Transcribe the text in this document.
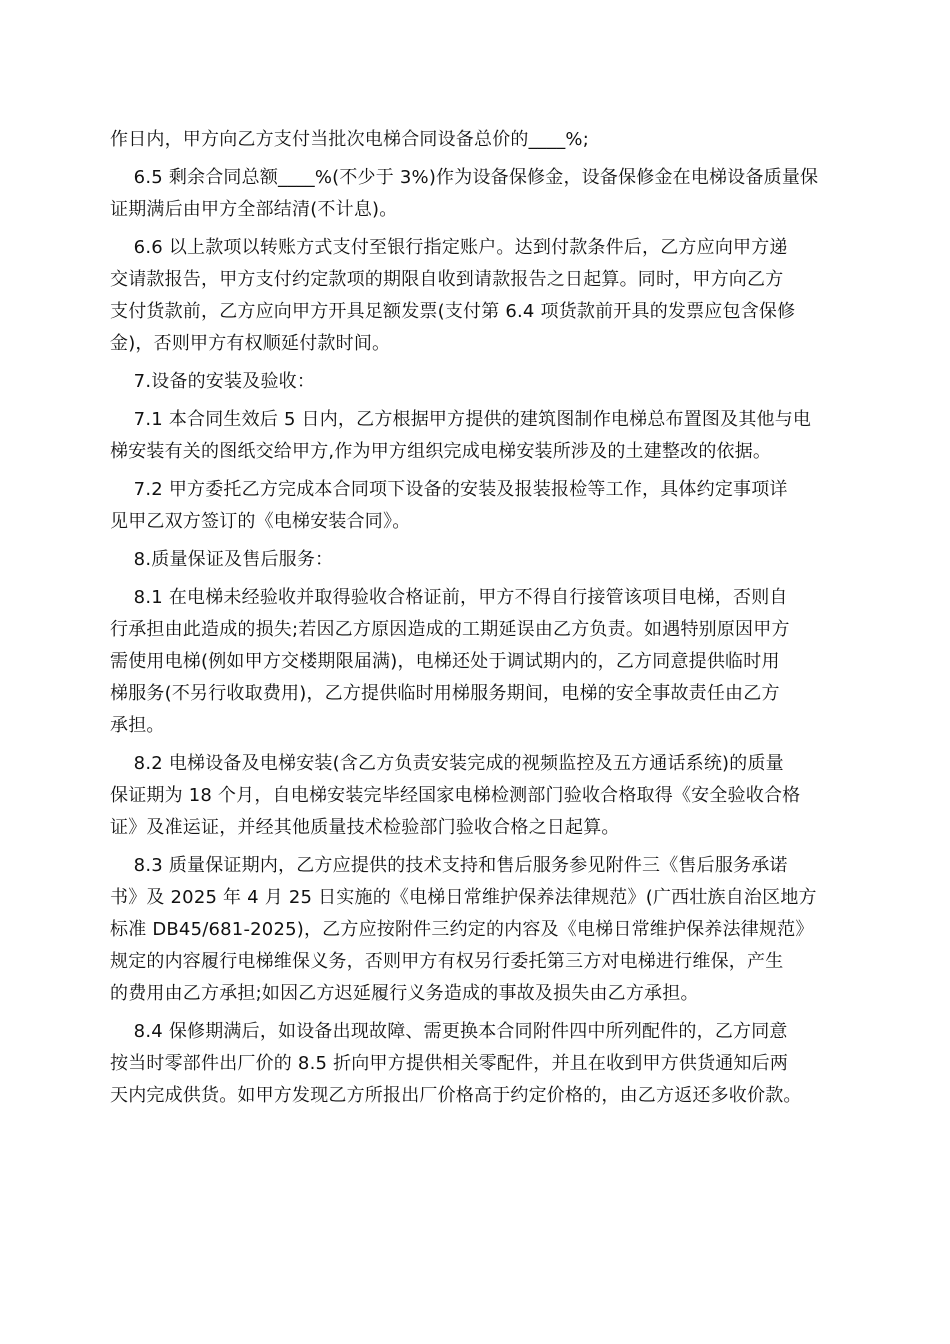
作日内，甲方向乙方支付当批次电梯合同设备总价的____%;
6.5 剩余合同总额____%(不少于 3%)作为设备保修金，设备保修金在电梯设备质量保
证期满后由甲方全部结清(不计息)。
6.6 以上款项以转账方式支付至银行指定账户。达到付款条件后，乙方应向甲方递
交请款报告，甲方支付约定款项的期限自收到请款报告之日起算。同时，甲方向乙方
支付货款前，乙方应向甲方开具足额发票(支付第 6.4 项货款前开具的发票应包含保修
金)，否则甲方有权顺延付款时间。
7.设备的安装及验收：
7.1 本合同生效后 5 日内，乙方根据甲方提供的建筑图制作电梯总布置图及其他与电
梯安装有关的图纸交给甲方,作为甲方组织完成电梯安装所涉及的土建整改的依据。
7.2 甲方委托乙方完成本合同项下设备的安装及报装报检等工作，具体约定事项详
见甲乙双方签订的《电梯安装合同》。
8.质量保证及售后服务：
8.1 在电梯未经验收并取得验收合格证前，甲方不得自行接管该项目电梯，否则自
行承担由此造成的损失;若因乙方原因造成的工期延误由乙方负责。如遇特别原因甲方
需使用电梯(例如甲方交楼期限届满)，电梯还处于调试期内的，乙方同意提供临时用
梯服务(不另行收取费用)，乙方提供临时用梯服务期间，电梯的安全事故责任由乙方
承担。
8.2 电梯设备及电梯安装(含乙方负责安装完成的视频监控及五方通话系统)的质量
保证期为 18 个月，自电梯安装完毕经国家电梯检测部门验收合格取得《安全验收合格
证》及准运证，并经其他质量技术检验部门验收合格之日起算。
8.3 质量保证期内，乙方应提供的技术支持和售后服务参见附件三《售后服务承诺
书》及 2025 年 4 月 25 日实施的《电梯日常维护保养法律规范》(广西壮族自治区地方
标准 DB45/681-2025)，乙方应按附件三约定的内容及《电梯日常维护保养法律规范》
规定的内容履行电梯维保义务，否则甲方有权另行委托第三方对电梯进行维保，产生
的费用由乙方承担;如因乙方迟延履行义务造成的事故及损失由乙方承担。
8.4 保修期满后，如设备出现故障、需更换本合同附件四中所列配件的，乙方同意
按当时零部件出厂价的 8.5 折向甲方提供相关零配件，并且在收到甲方供货通知后两
天内完成供货。如甲方发现乙方所报出厂价格高于约定价格的，由乙方返还多收价款。
